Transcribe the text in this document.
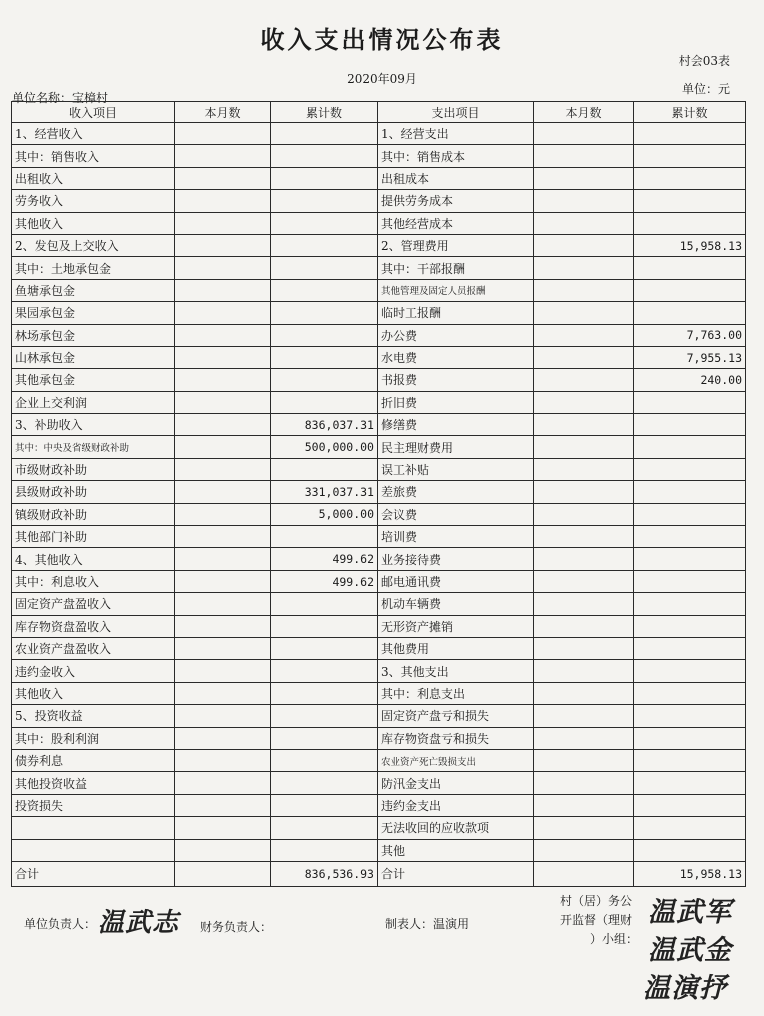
收入支出情况公布表
村会03表
2020年09月
单位名称：宝樟村
单位：元
收入项目	本月数	累计数	支出项目	本月数	累计数
1、经营收入			1、经营支出		
其中：销售收入			其中：销售成本		
出租收入			出租成本		
劳务收入			提供劳务成本		
其他收入			其他经营成本		
2、发包及上交收入			2、管理费用		15,958.13
其中：土地承包金			其中：干部报酬		
鱼塘承包金			其他管理及固定人员报酬		
果园承包金			临时工报酬		
林场承包金			办公费		7,763.00
山林承包金			水电费		7,955.13
其他承包金			书报费		240.00
企业上交利润			折旧费		
3、补助收入		836,037.31	修缮费		
其中：中央及省级财政补助		500,000.00	民主理财费用		
市级财政补助			误工补贴		
县级财政补助		331,037.31	差旅费		
镇级财政补助		5,000.00	会议费		
其他部门补助			培训费		
4、其他收入		499.62	业务接待费		
其中：利息收入		499.62	邮电通讯费		
固定资产盘盈收入			机动车辆费		
库存物资盘盈收入			无形资产摊销		
农业资产盘盈收入			其他费用		
违约金收入			3、其他支出		
其他收入			其中：利息支出		
5、投资收益			固定资产盘亏和损失		
其中：股利利润			库存物资盘亏和损失		
债券利息			农业资产死亡毁损支出		
其他投资收益			防汛金支出		
投资损失			违约金支出		
			无法收回的应收款项		
			其他		
合计		836,536.93	合计		15,958.13
单位负责人： 温武志 财务负责人：	制表人：温演用
村（居）务公
开监督（理财
）小组：
温武军
温武金
温演抒
